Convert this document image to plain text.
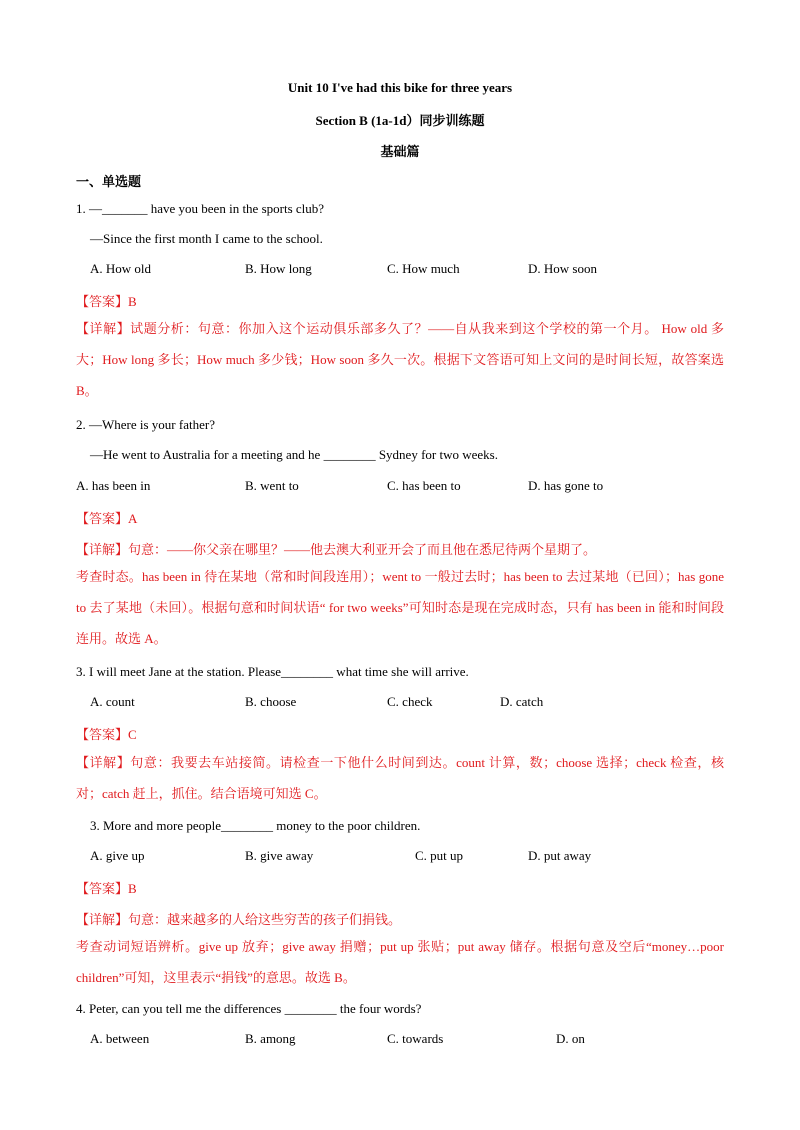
Unit 10 I've had this bike for three years
Section B (1a-1d）同步训练题
基础篇
一、单选题
1. —_______ have you been in the sports club?
—Since the first month I came to the school.
A. How old	B. How long	C. How much	D. How soon
【答案】B
【详解】试题分析：句意：你加入这个运动俱乐部多久了？——自从我来到这个学校的第一个月。 How old 多大；How long 多长；How much 多少钱；How soon 多久一次。根据下文答语可知上文问的是时间长短，故答案选 B。
2. —Where is your father?
—He went to Australia for a meeting and he ________ Sydney for two weeks.
A. has been in	B. went to	C. has been to	D. has gone to
【答案】A
【详解】句意：——你父亲在哪里？——他去澳大利亚开会了而且他在悉尼待两个星期了。
考查时态。has been in 待在某地（常和时间段连用）；went to 一般过去时；has been to 去过某地（已回）；has gone to 去了某地（未回）。根据句意和时间状语“ for two weeks”可知时态是现在完成时态，只有 has been in 能和时间段连用。故选 A。
3. I will meet Jane at the station. Please________ what time she will arrive.
A. count	B. choose	C. check	D. catch
【答案】C
【详解】句意：我要去车站接简。请检查一下他什么时间到达。count 计算，数；choose 选择；check 检查，核对；catch 赶上，抓住。结合语境可知选 C。
3. More and more people________ money to the poor children.
A. give up	B. give away	C. put up	D. put away
【答案】B
【详解】句意：越来越多的人给这些穷苦的孩子们捐钱。
考查动词短语辨析。give up 放弃；give away 捐赠；put up 张贴；put away 储存。根据句意及空后“money…poor children”可知，这里表示“捐钱”的意思。故选 B。
4. Peter, can you tell me the differences ________ the four words?
A. between	B. among	C. towards	D. on
